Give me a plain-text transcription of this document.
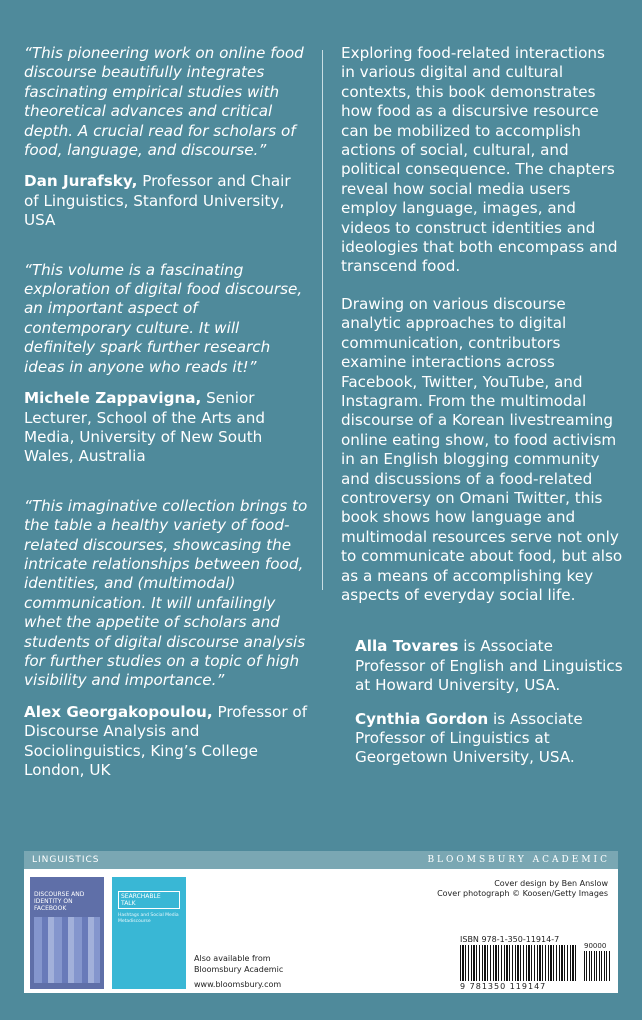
“This pioneering work on online food discourse beautifully integrates fascinating empirical studies with theoretical advances and critical depth. A crucial read for scholars of food, language, and discourse.”

Dan Jurafsky, Professor and Chair of Linguistics, Stanford University, USA

“This volume is a fascinating exploration of digital food discourse, an important aspect of contemporary culture. It will definitely spark further research ideas in anyone who reads it!”

Michele Zappavigna, Senior Lecturer, School of the Arts and Media, University of New South Wales, Australia

“This imaginative collection brings to the table a healthy variety of food-related discourses, showcasing the intricate relationships between food, identities, and (multimodal) communication. It will unfailingly whet the appetite of scholars and students of digital discourse analysis for further studies on a topic of high visibility and importance.”

Alex Georgakopoulou, Professor of Discourse Analysis and Sociolinguistics, King’s College London, UK

Exploring food-related interactions in various digital and cultural contexts, this book demonstrates how food as a discursive resource can be mobilized to accomplish actions of social, cultural, and political consequence. The chapters reveal how social media users employ language, images, and videos to construct identities and ideologies that both encompass and transcend food.

Drawing on various discourse analytic approaches to digital communication, contributors examine interactions across Facebook, Twitter, YouTube, and Instagram. From the multimodal discourse of a Korean livestreaming online eating show, to food activism in an English blogging community and discussions of a food-related controversy on Omani Twitter, this book shows how language and multimodal resources serve not only to communicate about food, but also as a means of accomplishing key aspects of everyday social life.

Alla Tovares is Associate Professor of English and Linguistics at Howard University, USA.

Cynthia Gordon is Associate Professor of Linguistics at Georgetown University, USA.

LINGUISTICS	BLOOMSBURY ACADEMIC
DISCOURSE AND IDENTITY ON FACEBOOK
SEARCHABLE TALK
Hashtags and Social Media Metadiscourse
Also available from Bloomsbury Academic
www.bloomsbury.com
Cover design by Ben Anslow
Cover photograph © Koosen/Getty Images
ISBN 978-1-350-11914-7
9 781350 119147
90000
